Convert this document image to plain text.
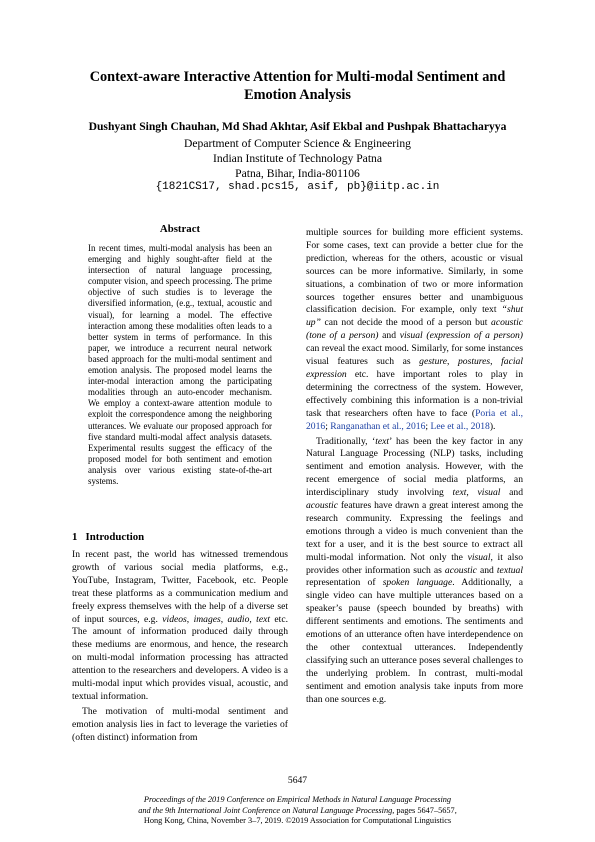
Context-aware Interactive Attention for Multi-modal Sentiment and
Emotion Analysis
Dushyant Singh Chauhan, Md Shad Akhtar, Asif Ekbal and Pushpak Bhattacharyya
Department of Computer Science & Engineering
Indian Institute of Technology Patna
Patna, Bihar, India-801106
{1821CS17, shad.pcs15, asif, pb}@iitp.ac.in
Abstract
In recent times, multi-modal analysis has been an emerging and highly sought-after field at the intersection of natural language processing, computer vision, and speech processing. The prime objective of such studies is to leverage the diversified information, (e.g., textual, acoustic and visual), for learning a model. The effective interaction among these modalities often leads to a better system in terms of performance. In this paper, we introduce a recurrent neural network based approach for the multi-modal sentiment and emotion analysis. The proposed model learns the inter-modal interaction among the participating modalities through an auto-encoder mechanism. We employ a context-aware attention module to exploit the correspondence among the neighboring utterances. We evaluate our proposed approach for five standard multi-modal affect analysis datasets. Experimental results suggest the efficacy of the proposed model for both sentiment and emotion analysis over various existing state-of-the-art systems.
1 Introduction

In recent past, the world has witnessed tremendous growth of various social media platforms, e.g., YouTube, Instagram, Twitter, Facebook, etc. People treat these platforms as a communication medium and freely express themselves with the help of a diverse set of input sources, e.g. videos, images, audio, text etc. The amount of information produced daily through these mediums are enormous, and hence, the research on multi-modal information processing has attracted attention to the researchers and developers. A video is a multi-modal input which provides visual, acoustic, and textual information.

The motivation of multi-modal sentiment and emotion analysis lies in fact to leverage the varieties of (often distinct) information from

multiple sources for building more efficient systems. For some cases, text can provide a better clue for the prediction, whereas for the others, acoustic or visual sources can be more informative. Similarly, in some situations, a combination of two or more information sources together ensures better and unambiguous classification decision. For example, only text “shut up” can not decide the mood of a person but acoustic (tone of a person) and visual (expression of a person) can reveal the exact mood. Similarly, for some instances visual features such as gesture, postures, facial expression etc. have important roles to play in determining the correctness of the system. However, effectively combining this information is a non-trivial task that researchers often have to face (Poria et al., 2016; Ranganathan et al., 2016; Lee et al., 2018).

Traditionally, ‘text’ has been the key factor in any Natural Language Processing (NLP) tasks, including sentiment and emotion analysis. However, with the recent emergence of social media platforms, an interdisciplinary study involving text, visual and acoustic features have drawn a great interest among the research community. Expressing the feelings and emotions through a video is much convenient than the text for a user, and it is the best source to extract all multi-modal information. Not only the visual, it also provides other information such as acoustic and textual representation of spoken language. Additionally, a single video can have multiple utterances based on a speaker’s pause (speech bounded by breaths) with different sentiments and emotions. The sentiments and emotions of an utterance often have interdependence on the other contextual utterances. Independently classifying such an utterance poses several challenges to the underlying problem. In contrast, multi-modal sentiment and emotion analysis take inputs from more than one sources e.g.

5647
Proceedings of the 2019 Conference on Empirical Methods in Natural Language Processing
and the 9th International Joint Conference on Natural Language Processing, pages 5647–5657,
Hong Kong, China, November 3–7, 2019. ©2019 Association for Computational Linguistics
